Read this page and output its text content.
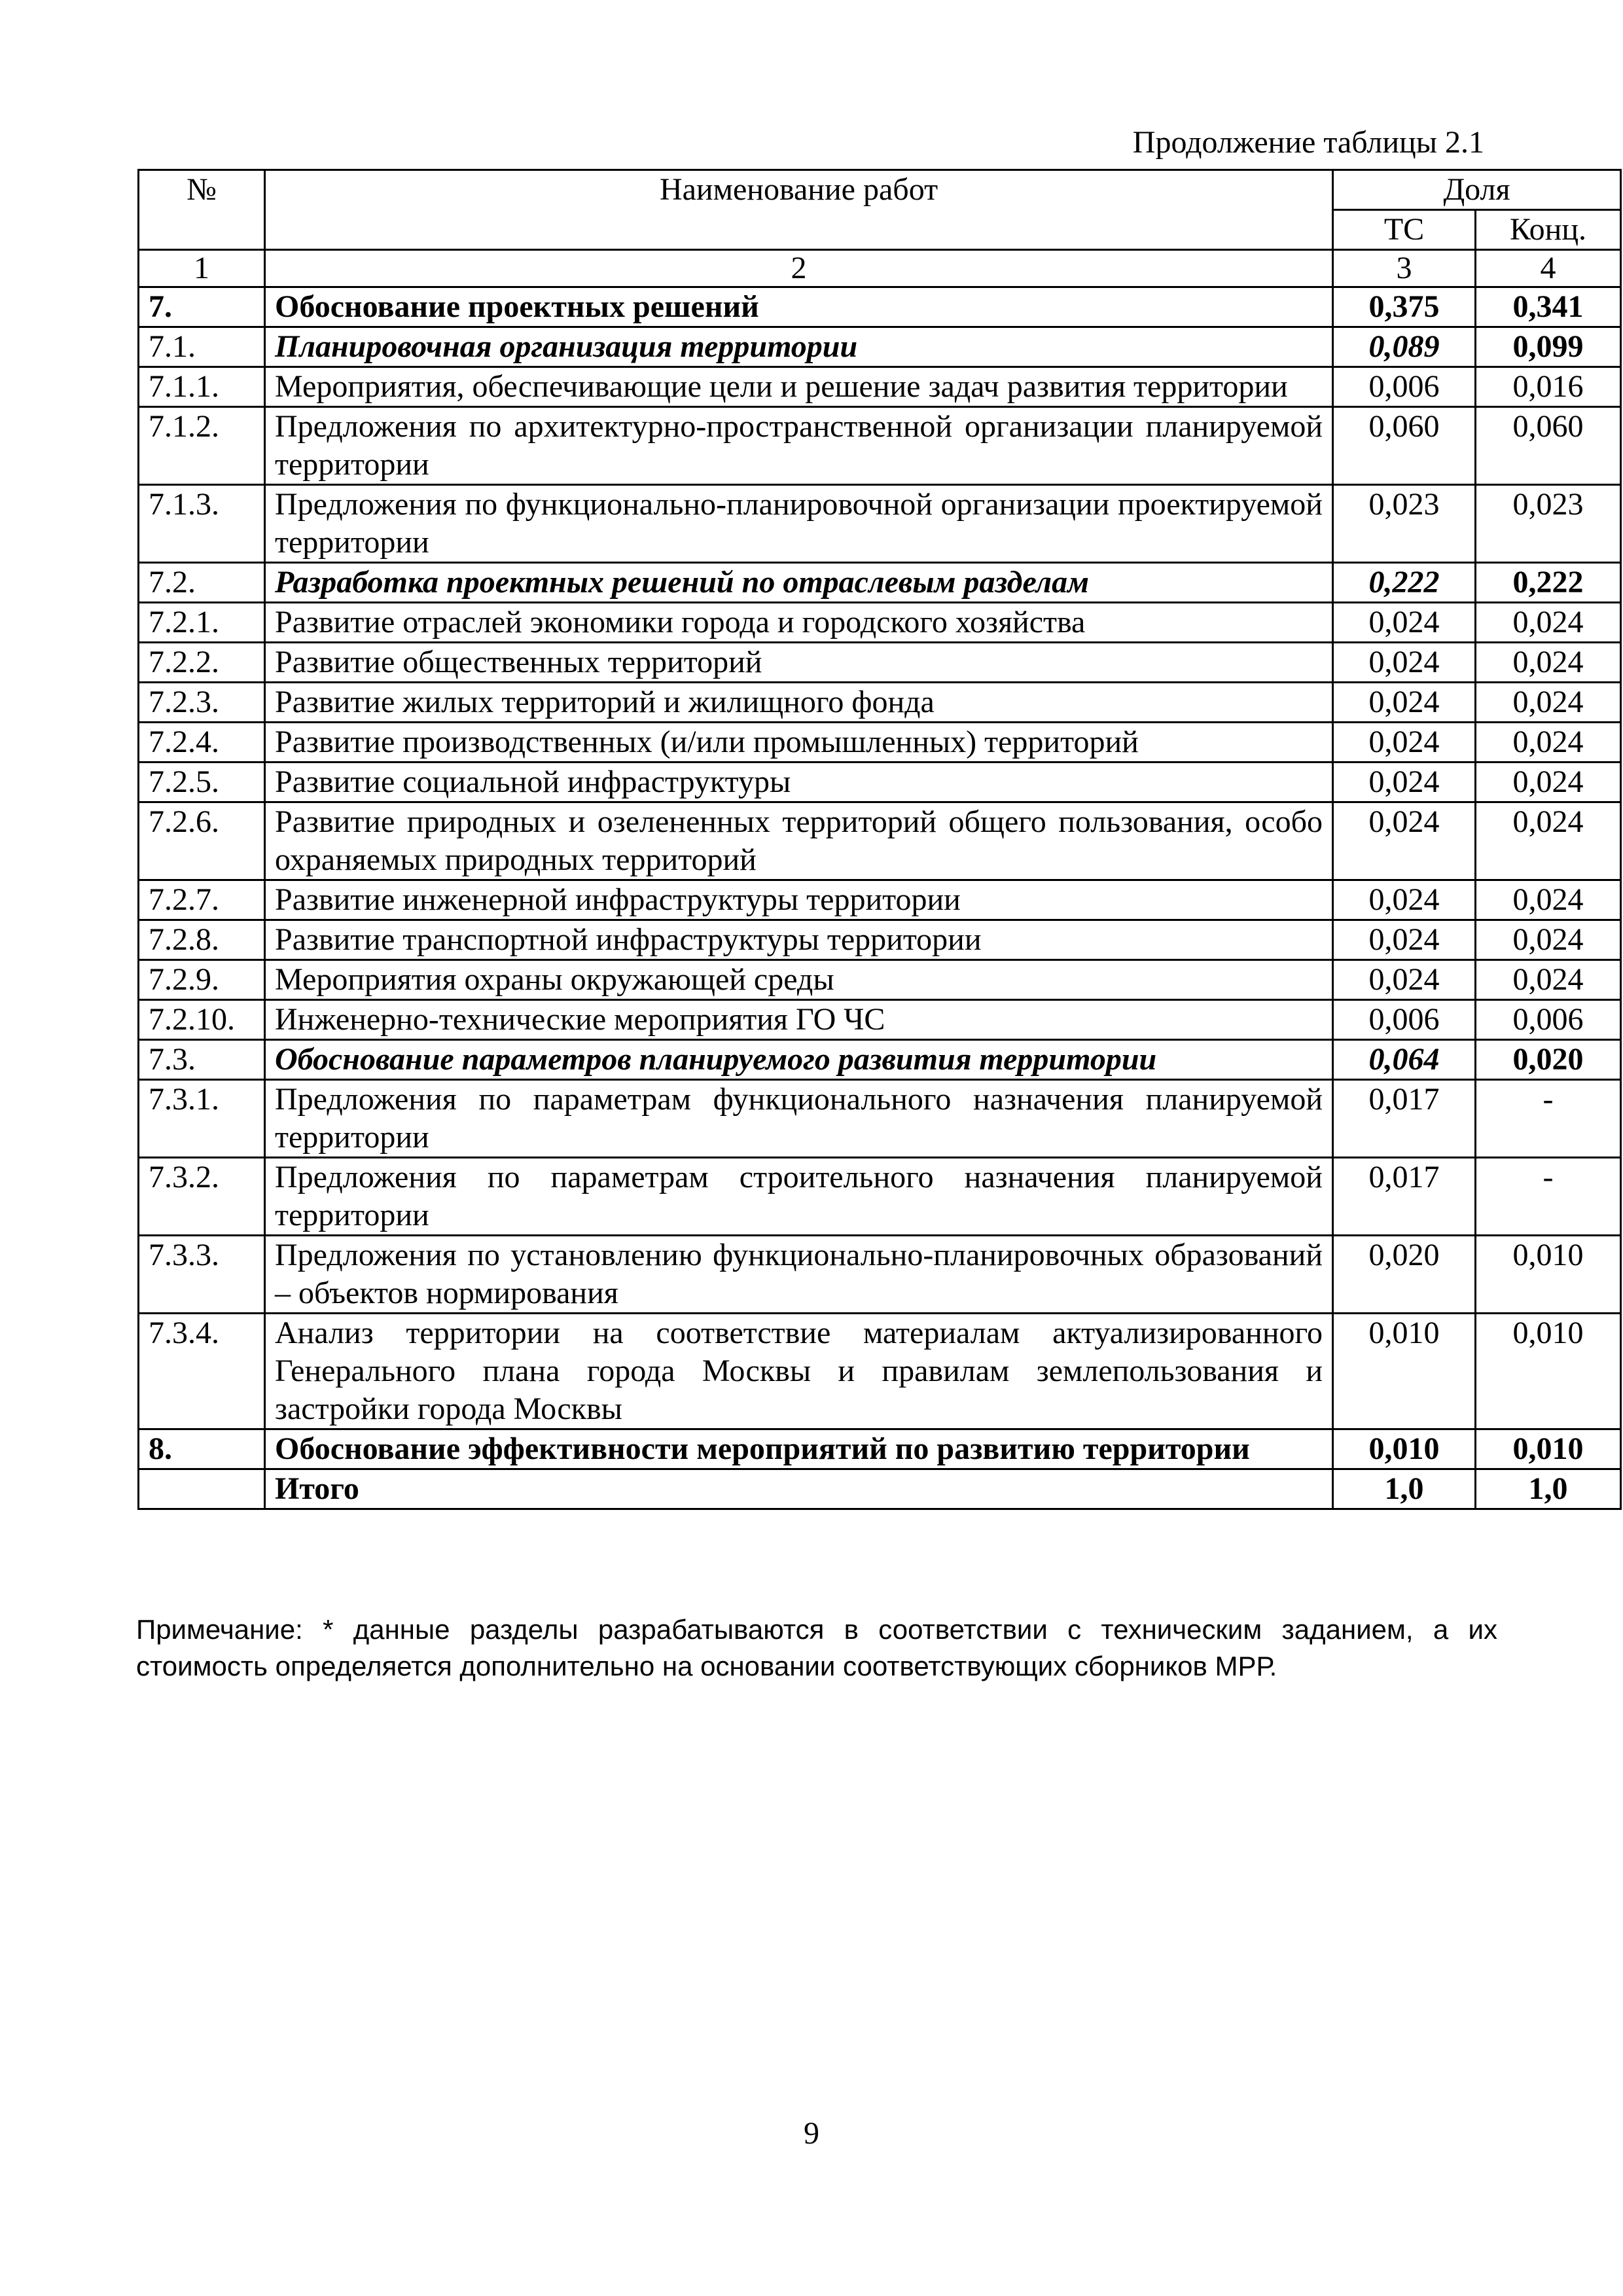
Продолжение таблицы 2.1
№	Наименование работ	Доля	
		ТС	Конц.
1	2	3	4
7.	Обоснование проектных решений	0,375	0,341
7.1.	Планировочная организация территории	0,089	0,099
7.1.1.	Мероприятия, обеспечивающие цели и решение задач развития территории	0,006	0,016
7.1.2.	Предложения по архитектурно-пространственной организации планируемой территории	0,060	0,060
7.1.3.	Предложения по функционально-планировочной организации проектируемой территории	0,023	0,023
7.2.	Разработка проектных решений по отраслевым разделам	0,222	0,222
7.2.1.	Развитие отраслей экономики города и городского хозяйства	0,024	0,024
7.2.2.	Развитие общественных территорий	0,024	0,024
7.2.3.	Развитие жилых территорий и жилищного фонда	0,024	0,024
7.2.4.	Развитие производственных (и/или промышленных) территорий	0,024	0,024
7.2.5.	Развитие социальной инфраструктуры	0,024	0,024
7.2.6.	Развитие природных и озелененных территорий общего пользования, особо охраняемых природных территорий	0,024	0,024
7.2.7.	Развитие инженерной инфраструктуры территории	0,024	0,024
7.2.8.	Развитие транспортной инфраструктуры территории	0,024	0,024
7.2.9.	Мероприятия охраны окружающей среды	0,024	0,024
7.2.10.	Инженерно-технические мероприятия ГО ЧС	0,006	0,006
7.3.	Обоснование параметров планируемого развития территории	0,064	0,020
7.3.1.	Предложения по параметрам функционального назначения планируемой территории	0,017	-
7.3.2.	Предложения по параметрам строительного назначения планируемой территории	0,017	-
7.3.3.	Предложения по установлению функционально-планировочных образований – объектов нормирования	0,020	0,010
7.3.4.	Анализ территории на соответствие материалам актуализированного Генерального плана города Москвы и правилам землепользования и застройки города Москвы	0,010	0,010
8.	Обоснование эффективности мероприятий по развитию территории	0,010	0,010
	Итого	1,0	1,0
Примечание: * данные разделы разрабатываются в соответствии с техническим заданием, а их стоимость определяется дополнительно на основании соответствующих сборников МРР.
9
